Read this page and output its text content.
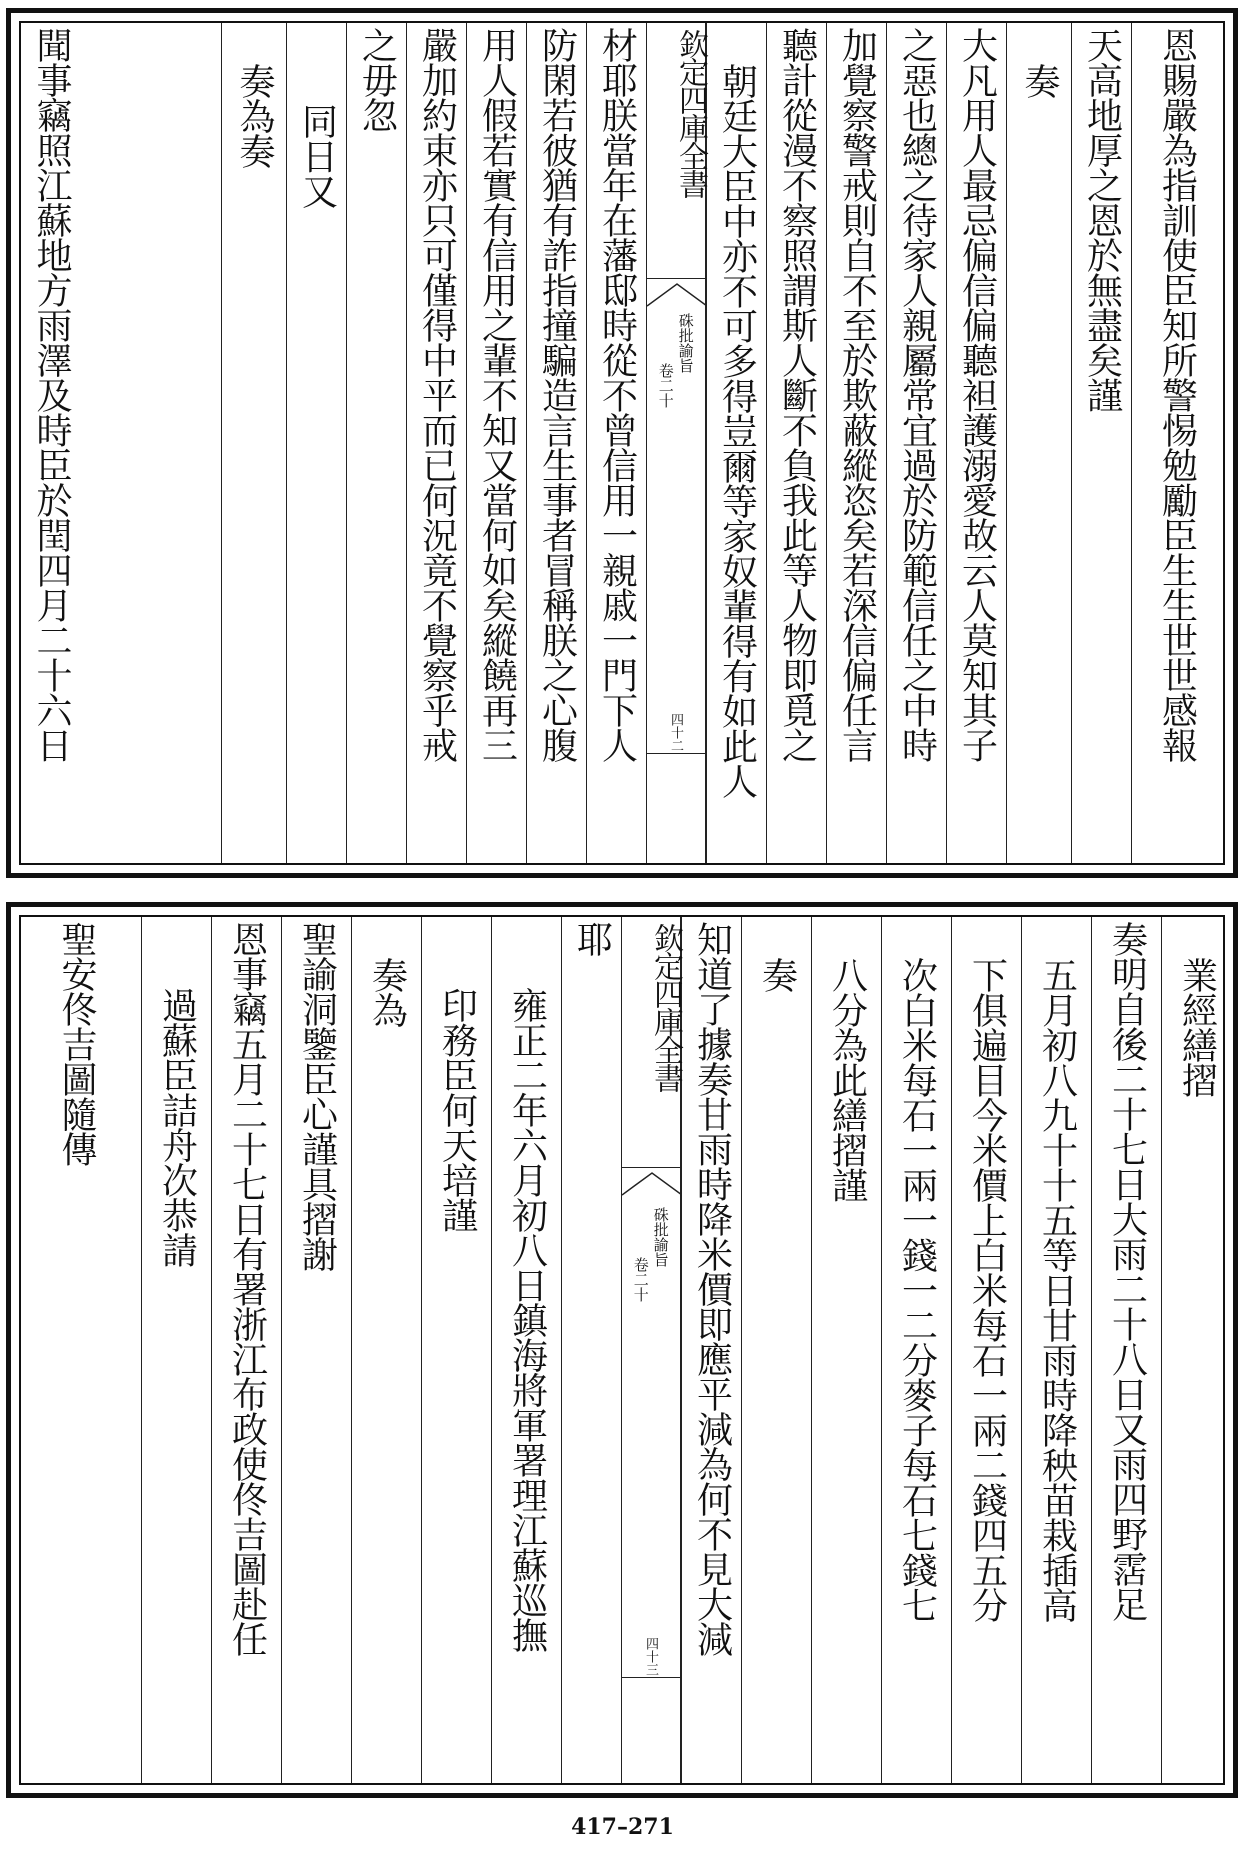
恩賜嚴為指訓使臣知所警惕勉勵臣生生世世感報
天高地厚之恩於無盡矣謹
奏
大凡用人最忌偏信偏聽袒護溺愛故云人莫知其子
之惡也總之待家人親屬常宜過於防範信任之中時
加覺察警戒則自不至於欺蔽縱恣矣若深信偏任言
聽計從漫不察照謂斯人斷不負我此等人物即覓之
朝廷大臣中亦不可多得豈爾等家奴輩得有如此人
欽定四庫全書
硃批諭旨
卷二十
四十二
材耶朕當年在藩邸時從不曾信用一親戚一門下人
防閑若彼猶有詐指撞騙造言生事者冒稱朕之心腹
用人假若實有信用之輩不知又當何如矣縱饒再三
嚴加約束亦只可僅得中平而已何況竟不覺察乎戒
之毋忽
同日又
奏為奏
聞事竊照江蘇地方雨澤及時臣於閏四月二十六日
業經繕摺
奏明自後二十七日大雨二十八日又雨四野霑足
五月初八九十十五等日甘雨時降秧苗栽插高
下俱遍目今米價上白米每石一兩二錢四五分
次白米每石一兩一錢一二分麥子每石七錢七
八分為此繕摺謹
奏
知道了據奏甘雨時降米價即應平減為何不見大減
欽定四庫全書
硃批諭旨
卷二十
四十三
耶
雍正二年六月初八日鎮海將軍署理江蘇巡撫
印務臣何天培謹
奏為
聖諭洞鑒臣心謹具摺謝
恩事竊五月二十七日有署浙江布政使佟吉圖赴任
過蘇臣詰舟次恭請
聖安佟吉圖隨傳
417–271
